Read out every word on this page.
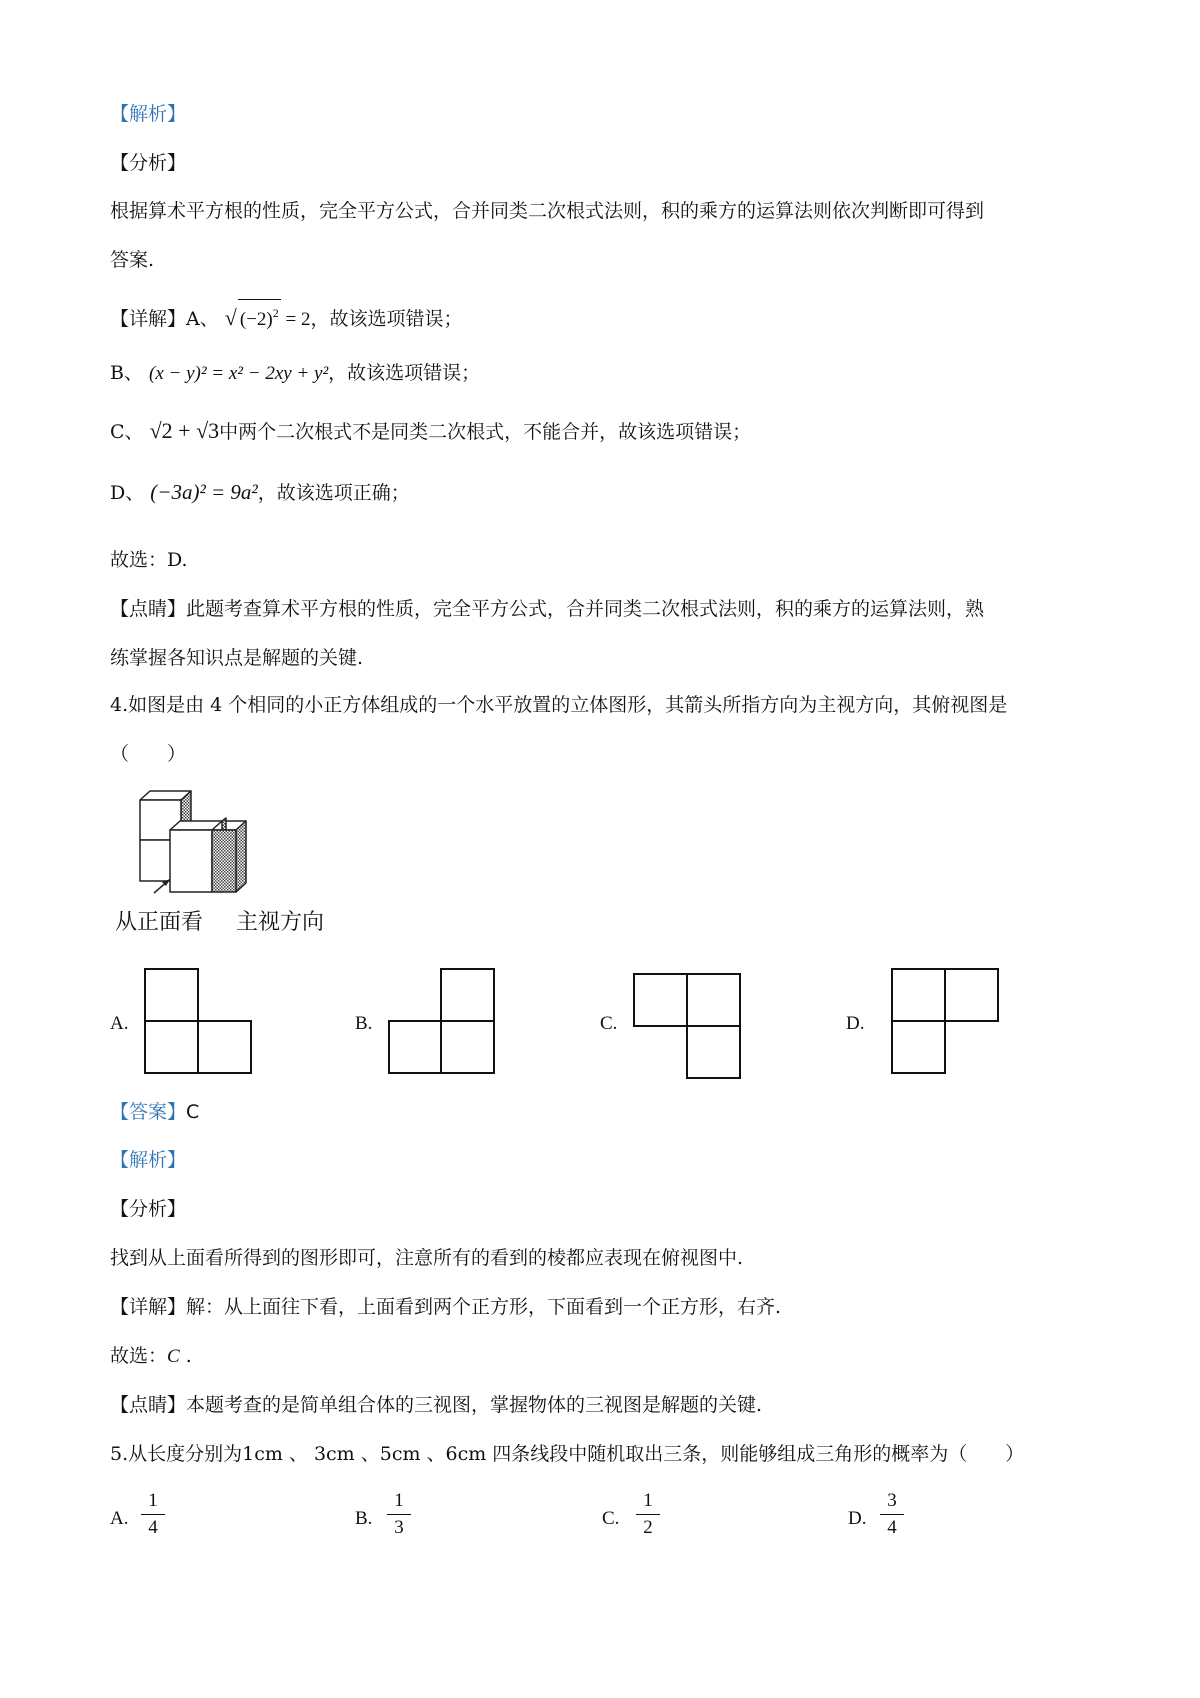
【解析】
【分析】
根据算术平方根的性质，完全平方公式，合并同类二次根式法则，积的乘方的运算法则依次判断即可得到
答案.
【详解】A、 √ $(-2)^2 = 2$，故该选项错误；
B、 (x − y)² = x² − 2xy + y²，故该选项错误；
C、 √2 + √3中两个二次根式不是同类二次根式，不能合并，故该选项错误；
D、 (−3a)² = 9a²，故该选项正确；
故选：D.
【点睛】此题考查算术平方根的性质，完全平方公式，合并同类二次根式法则，积的乘方的运算法则，熟
练掌握各知识点是解题的关键.
4.如图是由 4 个相同的小正方体组成的一个水平放置的立体图形，其箭头所指方向为主视方向，其俯视图是
（　　）
从正面看 主视方向
A.	B.	C.	D.
【答案】C
【解析】
【分析】
找到从上面看所得到的图形即可，注意所有的看到的棱都应表现在俯视图中.
【详解】解：从上面往下看，上面看到两个正方形，下面看到一个正方形，右齐.
故选：C .
【点睛】本题考查的是简单组合体的三视图，掌握物体的三视图是解题的关键.
5.从长度分别为1cm 、 3cm 、5cm 、6cm 四条线段中随机取出三条，则能够组成三角形的概率为（　　）
A.
1
4	B.
1
3	C.
1
2	D.
3
4
